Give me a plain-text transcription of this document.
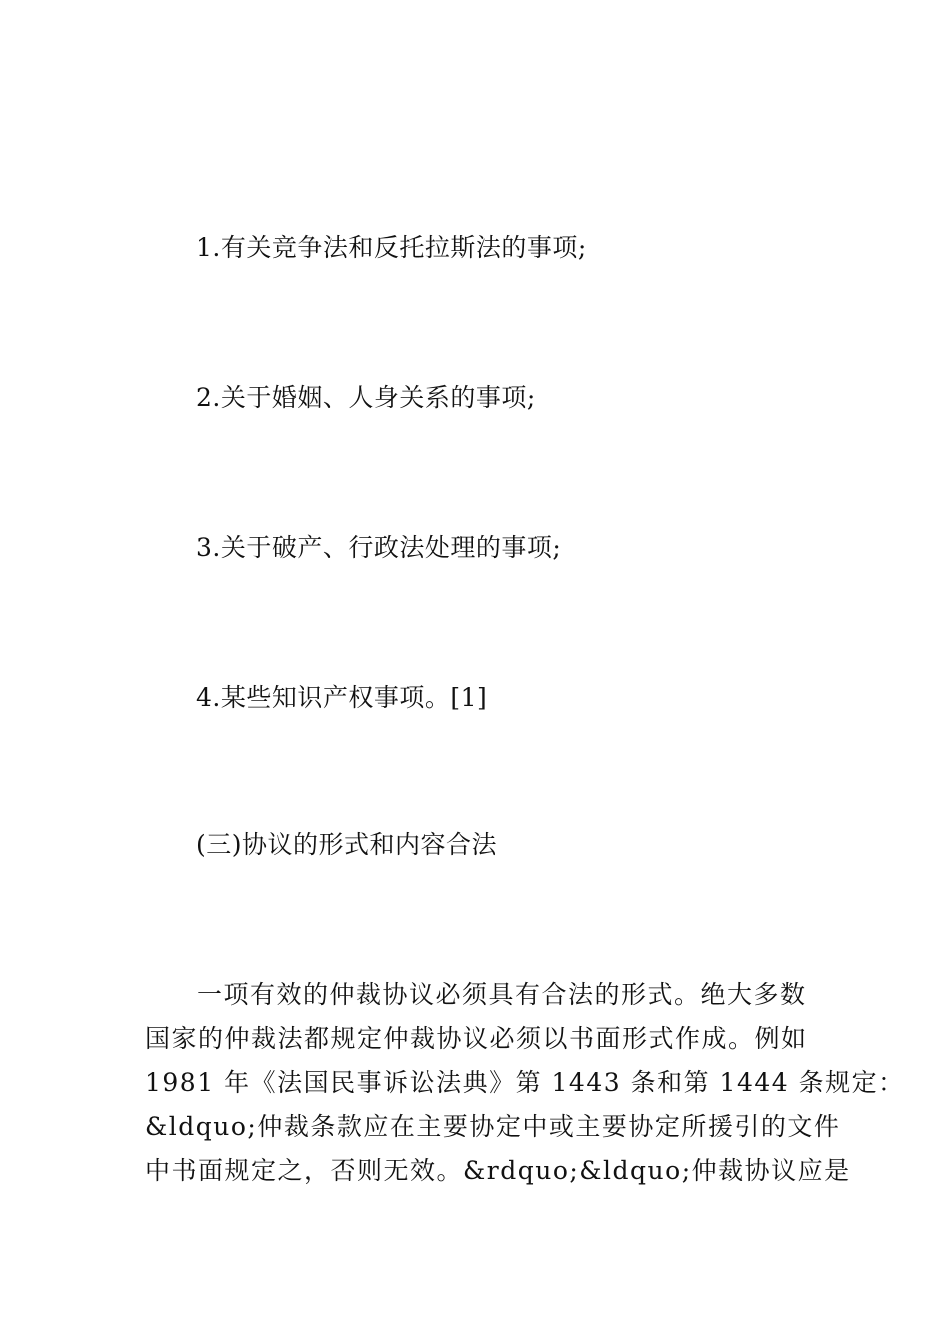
1.有关竞争法和反托拉斯法的事项;
2.关于婚姻、人身关系的事项;
3.关于破产、行政法处理的事项;
4.某些知识产权事项。[1]
(三)协议的形式和内容合法
一项有效的仲裁协议必须具有合法的形式。绝大多数
国家的仲裁法都规定仲裁协议必须以书面形式作成。例如
1981 年《法国民事诉讼法典》第 1443 条和第 1444 条规定：
&ldquo;仲裁条款应在主要协定中或主要协定所援引的文件
中书面规定之，否则无效。&rdquo;&ldquo;仲裁协议应是
